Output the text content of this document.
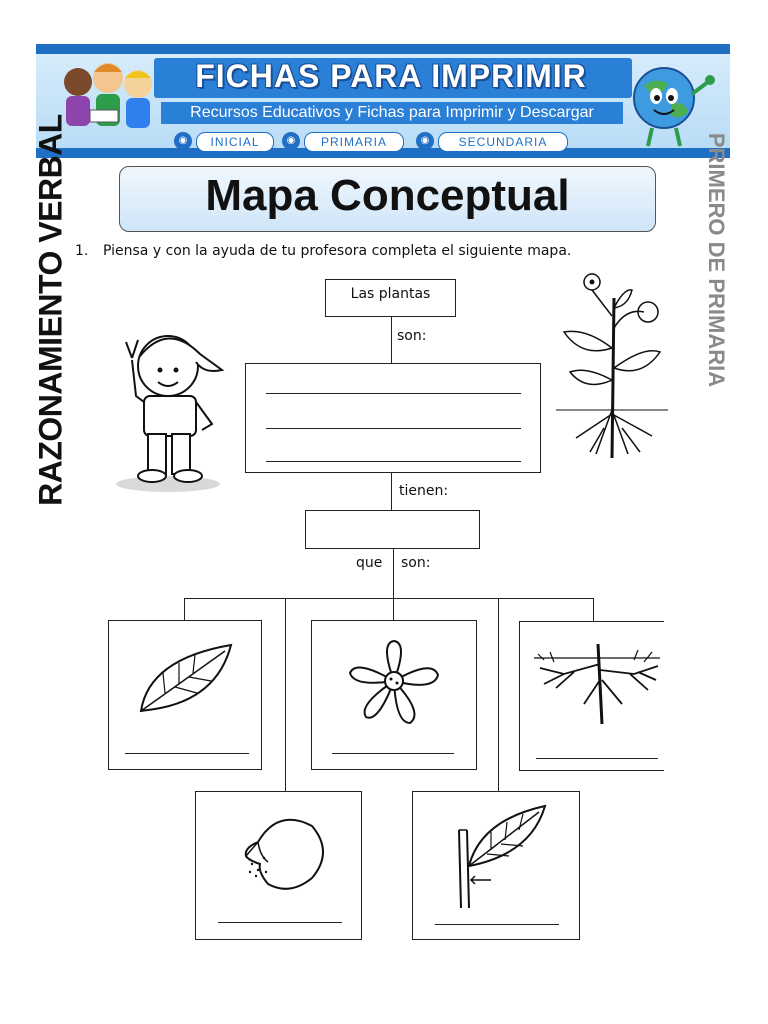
FICHAS PARA IMPRIMIR
Recursos Educativos y Fichas para Imprimir y Descargar
◉	INICIAL	◉	PRIMARIA	◉	SECUNDARIA
RAZONAMIENTO VERBAL	PRIMERO DE PRIMARIA
Mapa Conceptual
1. Piensa y con la ayuda de tu profesora completa el siguiente mapa.
Las plantas
son:
tienen:
que son:
